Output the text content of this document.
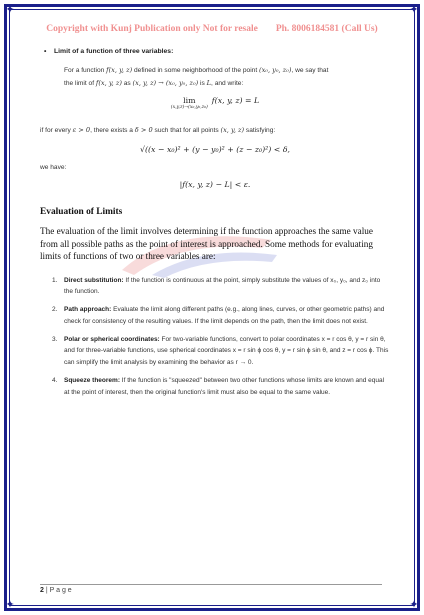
✦	✦
✦	✦
Copyright with Kunj Publication only Not for resale Ph. 8006184581 (Call Us)
• Limit of a function of three variables:
For a function f(x, y, z) defined in some neighborhood of the point (x₀, y₀, z₀), we say that
the limit of f(x, y, z) as (x, y, z) → (x₀, y₀, z₀) is L, and write:
lim
(x,y,z)→(x₀,y₀,z₀)
$^{f(x, y, z) = L}$
if for every ε > 0, there exists a δ > 0 such that for all points (x, y, z) satisfying:
√((x − x₀)² + (y − y₀)² + (z − z₀)²) < δ,
we have:
|f(x, y, z) − L| < ε.
Evaluation of Limits
The evaluation of the limit involves determining if the function approaches the same value from all possible paths as the point of interest is approached. Some methods for evaluating limits of functions of two or three variables are:
1. Direct substitution: If the function is continuous at the point, simply substitute the values of x₀, y₀, and z₀ into the function.
2. Path approach: Evaluate the limit along different paths (e.g., along lines, curves, or other geometric paths) and check for consistency of the resulting values. If the limit depends on the path, then the limit does not exist.
3. Polar or spherical coordinates: For two-variable functions, convert to polar coordinates x = r cos θ, y = r sin θ, and for three-variable functions, use spherical coordinates x = r sin ϕ cos θ, y = r sin ϕ sin θ, and z = r cos ϕ. This can simplify the limit analysis by examining the behavior as r → 0.
4. Squeeze theorem: If the function is "squeezed" between two other functions whose limits are known and equal at the point of interest, then the original function's limit must also be equal to the same value.
2 | P a g e
